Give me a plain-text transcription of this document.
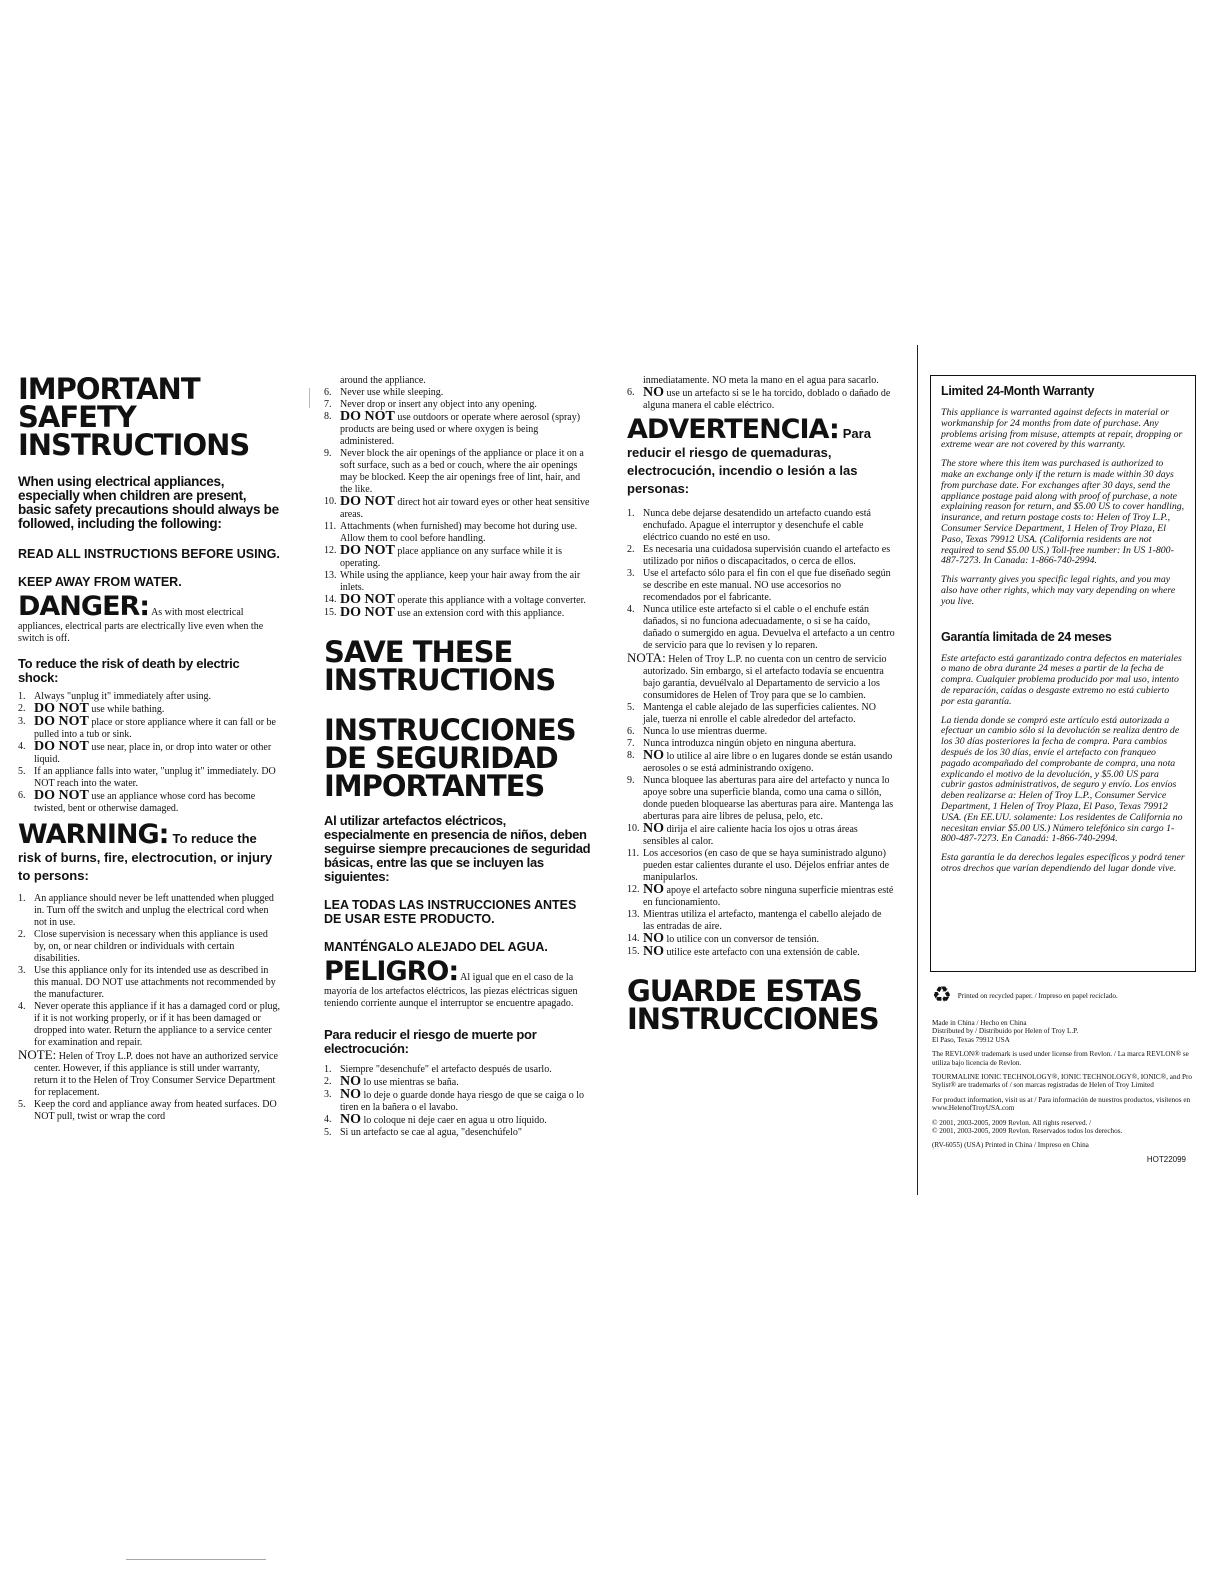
IMPORTANT SAFETY INSTRUCTIONS

When using electrical appliances, especially when children are present, basic safety precautions should always be followed, including the following:

READ ALL INSTRUCTIONS BEFORE USING.

KEEP AWAY FROM WATER.

DANGER: As with most electrical appliances, electrical parts are electrically live even when the switch is off.

To reduce the risk of death by electric shock:

1. Always "unplug it" immediately after using.
2. DO NOT use while bathing.
3. DO NOT place or store appliance where it can fall or be pulled into a tub or sink.
4. DO NOT use near, place in, or drop into water or other liquid.
5. If an appliance falls into water, "unplug it" immediately. DO NOT reach into the water.
6. DO NOT use an appliance whose cord has become twisted, bent or otherwise damaged.

WARNING: To reduce the risk of burns, fire, electrocution, or injury to persons:

1. An appliance should never be left unattended when plugged in. Turn off the switch and unplug the electrical cord when not in use.
2. Close supervision is necessary when this appliance is used by, on, or near children or individuals with certain disabilities.
3. Use this appliance only for its intended use as described in this manual. DO NOT use attachments not recommended by the manufacturer.
4. Never operate this appliance if it has a damaged cord or plug, if it is not working properly, or if it has been damaged or dropped into water. Return the appliance to a service center for examination and repair.

NOTE: Helen of Troy L.P. does not have an authorized service center. However, if this appliance is still under warranty, return it to the Helen of Troy Consumer Service Department for replacement.

5. Keep the cord and appliance away from heated surfaces. DO NOT pull, twist or wrap the cord

around the appliance.

6. Never use while sleeping.
7. Never drop or insert any object into any opening.
8. DO NOT use outdoors or operate where aerosol (spray) products are being used or where oxygen is being administered.
9. Never block the air openings of the appliance or place it on a soft surface, such as a bed or couch, where the air openings may be blocked. Keep the air openings free of lint, hair, and the like.
10. DO NOT direct hot air toward eyes or other heat sensitive areas.
11. Attachments (when furnished) may become hot during use. Allow them to cool before handling.
12. DO NOT place appliance on any surface while it is operating.
13. While using the appliance, keep your hair away from the air inlets.
14. DO NOT operate this appliance with a voltage converter.
15. DO NOT use an extension cord with this appliance.
SAVE THESE INSTRUCTIONS
INSTRUCCIONES DE SEGURIDAD IMPORTANTES

Al utilizar artefactos eléctricos, especialmente en presencia de niños, deben seguirse siempre precauciones de seguridad básicas, entre las que se incluyen las siguientes:

LEA TODAS LAS INSTRUCCIONES ANTES DE USAR ESTE PRODUCTO.

MANTÉNGALO ALEJADO DEL AGUA.

PELIGRO: Al igual que en el caso de la mayoría de los artefactos eléctricos, las piezas eléctricas siguen teniendo corriente aunque el interruptor se encuentre apagado.

Para reducir el riesgo de muerte por electrocución:

1. Siempre "desenchufe" el artefacto después de usarlo.
2. NO lo use mientras se baña.
3. NO lo deje o guarde donde haya riesgo de que se caiga o lo tiren en la bañera o el lavabo.
4. NO lo coloque ni deje caer en agua u otro líquido.
5. Si un artefacto se cae al agua, "desenchúfelo"

inmediatamente. NO meta la mano en el agua para sacarlo.

6. NO use un artefacto si se le ha torcido, doblado o dañado de alguna manera el cable eléctrico.

ADVERTENCIA: Para reducir el riesgo de quemaduras, electrocución, incendio o lesión a las personas:

1. Nunca debe dejarse desatendido un artefacto cuando está enchufado. Apague el interruptor y desenchufe el cable eléctrico cuando no esté en uso.
2. Es necesaria una cuidadosa supervisión cuando el artefacto es utilizado por niños o discapacitados, o cerca de ellos.
3. Use el artefacto sólo para el fin con el que fue diseñado según se describe en este manual. NO use accesorios no recomendados por el fabricante.
4. Nunca utilice este artefacto si el cable o el enchufe están dañados, si no funciona adecuadamente, o si se ha caído, dañado o sumergido en agua. Devuelva el artefacto a un centro de servicio para que lo revisen y lo reparen.

NOTA: Helen of Troy L.P. no cuenta con un centro de servicio autorizado. Sin embargo, si el artefacto todavía se encuentra bajo garantía, devuélvalo al Departamento de servicio a los consumidores de Helen of Troy para que se lo cambien.

5. Mantenga el cable alejado de las superficies calientes. NO jale, tuerza ni enrolle el cable alrededor del artefacto.
6. Nunca lo use mientras duerme.
7. Nunca introduzca ningún objeto en ninguna abertura.
8. NO lo utilice al aire libre o en lugares donde se están usando aerosoles o se está administrando oxígeno.
9. Nunca bloquee las aberturas para aire del artefacto y nunca lo apoye sobre una superficie blanda, como una cama o sillón, donde pueden bloquearse las aberturas para aire. Mantenga las aberturas para aire libres de pelusa, pelo, etc.
10. NO dirija el aire caliente hacia los ojos u otras áreas sensibles al calor.
11. Los accesorios (en caso de que se haya suministrado alguno) pueden estar calientes durante el uso. Déjelos enfriar antes de manipularlos.
12. NO apoye el artefacto sobre ninguna superficie mientras esté en funcionamiento.
13. Mientras utiliza el artefacto, mantenga el cabello alejado de las entradas de aire.
14. NO lo utilice con un conversor de tensión.
15. NO utilice este artefacto con una extensión de cable.
GUARDE ESTAS INSTRUCCIONES
Limited 24-Month Warranty

This appliance is warranted against defects in material or workmanship for 24 months from date of purchase. Any problems arising from misuse, attempts at repair, dropping or extreme wear are not covered by this warranty.

The store where this item was purchased is authorized to make an exchange only if the return is made within 30 days from purchase date. For exchanges after 30 days, send the appliance postage paid along with proof of purchase, a note explaining reason for return, and $5.00 US to cover handling, insurance, and return postage costs to: Helen of Troy L.P., Consumer Service Department, 1 Helen of Troy Plaza, El Paso, Texas 79912 USA. (California residents are not required to send $5.00 US.) Toll-free number: In US 1-800-487-7273. In Canada: 1-866-740-2994.

This warranty gives you specific legal rights, and you may also have other rights, which may vary depending on where you live.

Garantía limitada de 24 meses

Este artefacto está garantizado contra defectos en materiales o mano de obra durante 24 meses a partir de la fecha de compra. Cualquier problema producido por mal uso, intento de reparación, caídas o desgaste extremo no está cubierto por esta garantía.

La tienda donde se compró este artículo está autorizada a efectuar un cambio sólo si la devolución se realiza dentro de los 30 días posteriores la fecha de compra. Para cambios después de los 30 días, envíe el artefacto con franqueo pagado acompañado del comprobante de compra, una nota explicando el motivo de la devolución, y $5.00 US para cubrir gastos administrativos, de seguro y envío. Los envíos deben realizarse a: Helen of Troy L.P., Consumer Service Department, 1 Helen of Troy Plaza, El Paso, Texas 79912 USA. (En EE.UU. solamente: Los residentes de California no necesitan enviar $5.00 US.) Número telefónico sin cargo 1-800-487-7273. En Canadá: 1-866-740-2994.

Esta garantía le da derechos legales específicos y podrá tener otros drechos que varían dependiendo del lugar donde vive.

♻ Printed on recycled paper. / Impreso en papel reciclado.

Made in China / Hecho en China
Distributed by / Distribuido por Helen of Troy L.P.
El Paso, Texas 79912 USA

The REVLON® trademark is used under license from Revlon. / La marca REVLON® se utiliza bajo licencia de Revlon.

TOURMALINE IONIC TECHNOLOGY®, IONIC TECHNOLOGY®, IONIC®, and Pro Stylist® are trademarks of / son marcas registradas de Helen of Troy Limited

For product information, visit us at / Para información de nuestros productos, visítenos en www.HelenofTroyUSA.com

© 2001, 2003-2005, 2009 Revlon. All rights reserved. /
© 2001, 2003-2005, 2009 Revlon. Reservados todos los derechos.

(RV-6055) (USA) Printed in China / Impreso en China

HOT22099
